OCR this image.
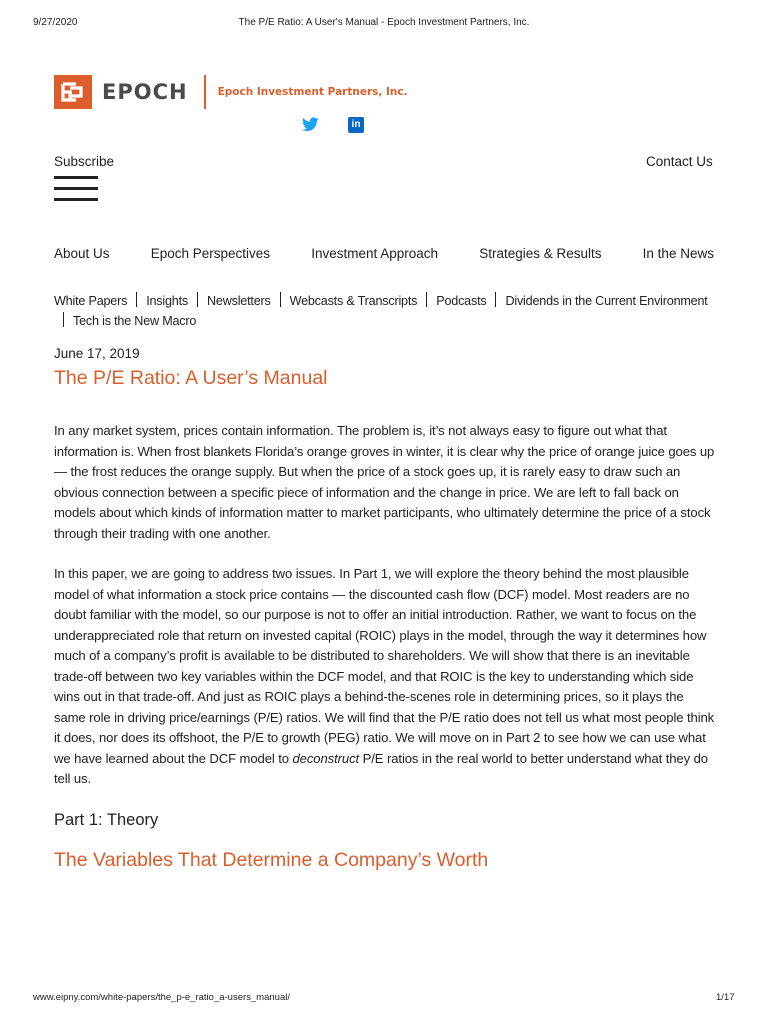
9/27/2020	The P/E Ratio: A User's Manual - Epoch Investment Partners, Inc.
EPOCH	Epoch Investment Partners, Inc.
in
Subscribe	Contact Us
About Us	Epoch Perspectives	Investment Approach	Strategies & Results	In the News
White Papers Insights Newsletters Webcasts & Transcripts Podcasts Dividends in the Current EnvironmentTech is the New Macro
June 17, 2019
The P/E Ratio: A User’s Manual

In any market system, prices contain information. The problem is, it’s not always easy to figure out what that information is. When frost blankets Florida’s orange groves in winter, it is clear why the price of orange juice goes up — the frost reduces the orange supply. But when the price of a stock goes up, it is rarely easy to draw such an obvious connection between a specific piece of information and the change in price. We are left to fall back on models about which kinds of information matter to market participants, who ultimately determine the price of a stock through their trading with one another.

In this paper, we are going to address two issues. In Part 1, we will explore the theory behind the most plausible model of what information a stock price contains — the discounted cash flow (DCF) model. Most readers are no doubt familiar with the model, so our purpose is not to offer an initial introduction. Rather, we want to focus on the underappreciated role that return on invested capital (ROIC) plays in the model, through the way it determines how much of a company’s profit is available to be distributed to shareholders. We will show that there is an inevitable trade-off between two key variables within the DCF model, and that ROIC is the key to understanding which side wins out in that trade-off. And just as ROIC plays a behind-the-scenes role in determining prices, so it plays the same role in driving price/earnings (P/E) ratios. We will find that the P/E ratio does not tell us what most people think it does, nor does its offshoot, the P/E to growth (PEG) ratio. We will move on in Part 2 to see how we can use what we have learned about the DCF model to deconstruct P/E ratios in the real world to better understand what they do tell us.

Part 1: Theory
The Variables That Determine a Company’s Worth
www.eipny.com/white-papers/the_p-e_ratio_a-users_manual/	1/17
